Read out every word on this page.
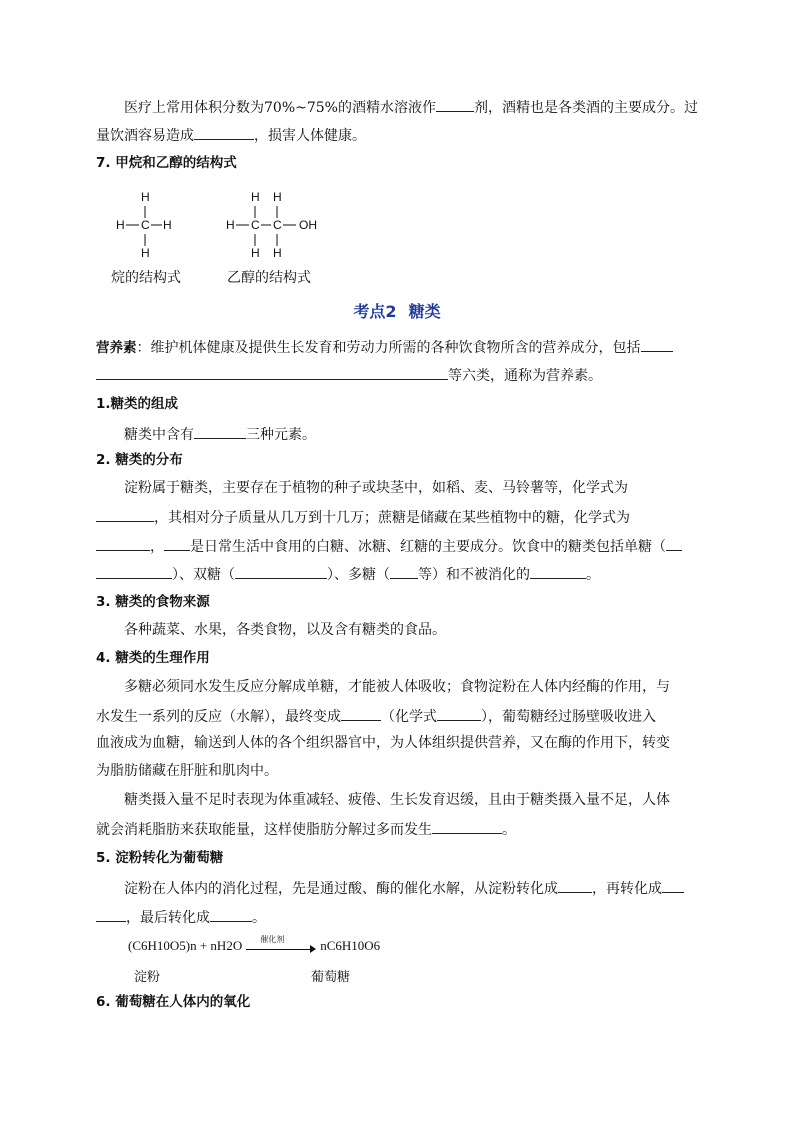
医疗上常用体积分数为70%~75%的酒精水溶液作	剂，酒精也是各类酒的主要成分。过
量饮酒容易造成	，损害人体健康。
7. 甲烷和乙醇的结构式
H
H C H
H
烷的结构式
H H
H C C OH
H H
乙醇的结构式
考点2 糖类
营养素：维护机体健康及提供生长发育和劳动力所需的各种饮食物所含的营养成分，包括
等六类，通称为营养素。
1.糖类的组成
糖类中含有	三种元素。
2. 糖类的分布
淀粉属于糖类，主要存在于植物的种子或块茎中，如稻、麦、马铃薯等，化学式为
，其相对分子质量从几万到十几万；蔗糖是储藏在某些植物中的糖，化学式为
， 是日常生活中食用的白糖、冰糖、红糖的主要成分。饮食中的糖类包括单糖（
）、双糖（	）、多糖（ 等）和不被消化的	。
3. 糖类的食物来源
各种蔬菜、水果，各类食物，以及含有糖类的食品。
4. 糖类的生理作用
多糖必须同水发生反应分解成单糖，才能被人体吸收；食物淀粉在人体内经酶的作用，与
水发生一系列的反应（水解），最终变成	（化学式	），葡萄糖经过肠壁吸收进入
血液成为血糖，输送到人体的各个组织器官中，为人体组织提供营养，又在酶的作用下，转变
为脂肪储藏在肝脏和肌肉中。
糖类摄入量不足时表现为体重减轻、疲倦、生长发育迟缓，且由于糖类摄入量不足，人体
就会消耗脂肪来获取能量，这样使脂肪分解过多而发生	。
5. 淀粉转化为葡萄糖
淀粉在人体内的消化过程，先是通过酸、酶的催化水解，从淀粉转化成 ，再转化成
，最后转化成	。
(C6H10O5)n + nH2O 催化剂	nC6H10O6
淀粉	葡萄糖
6. 葡萄糖在人体内的氧化
